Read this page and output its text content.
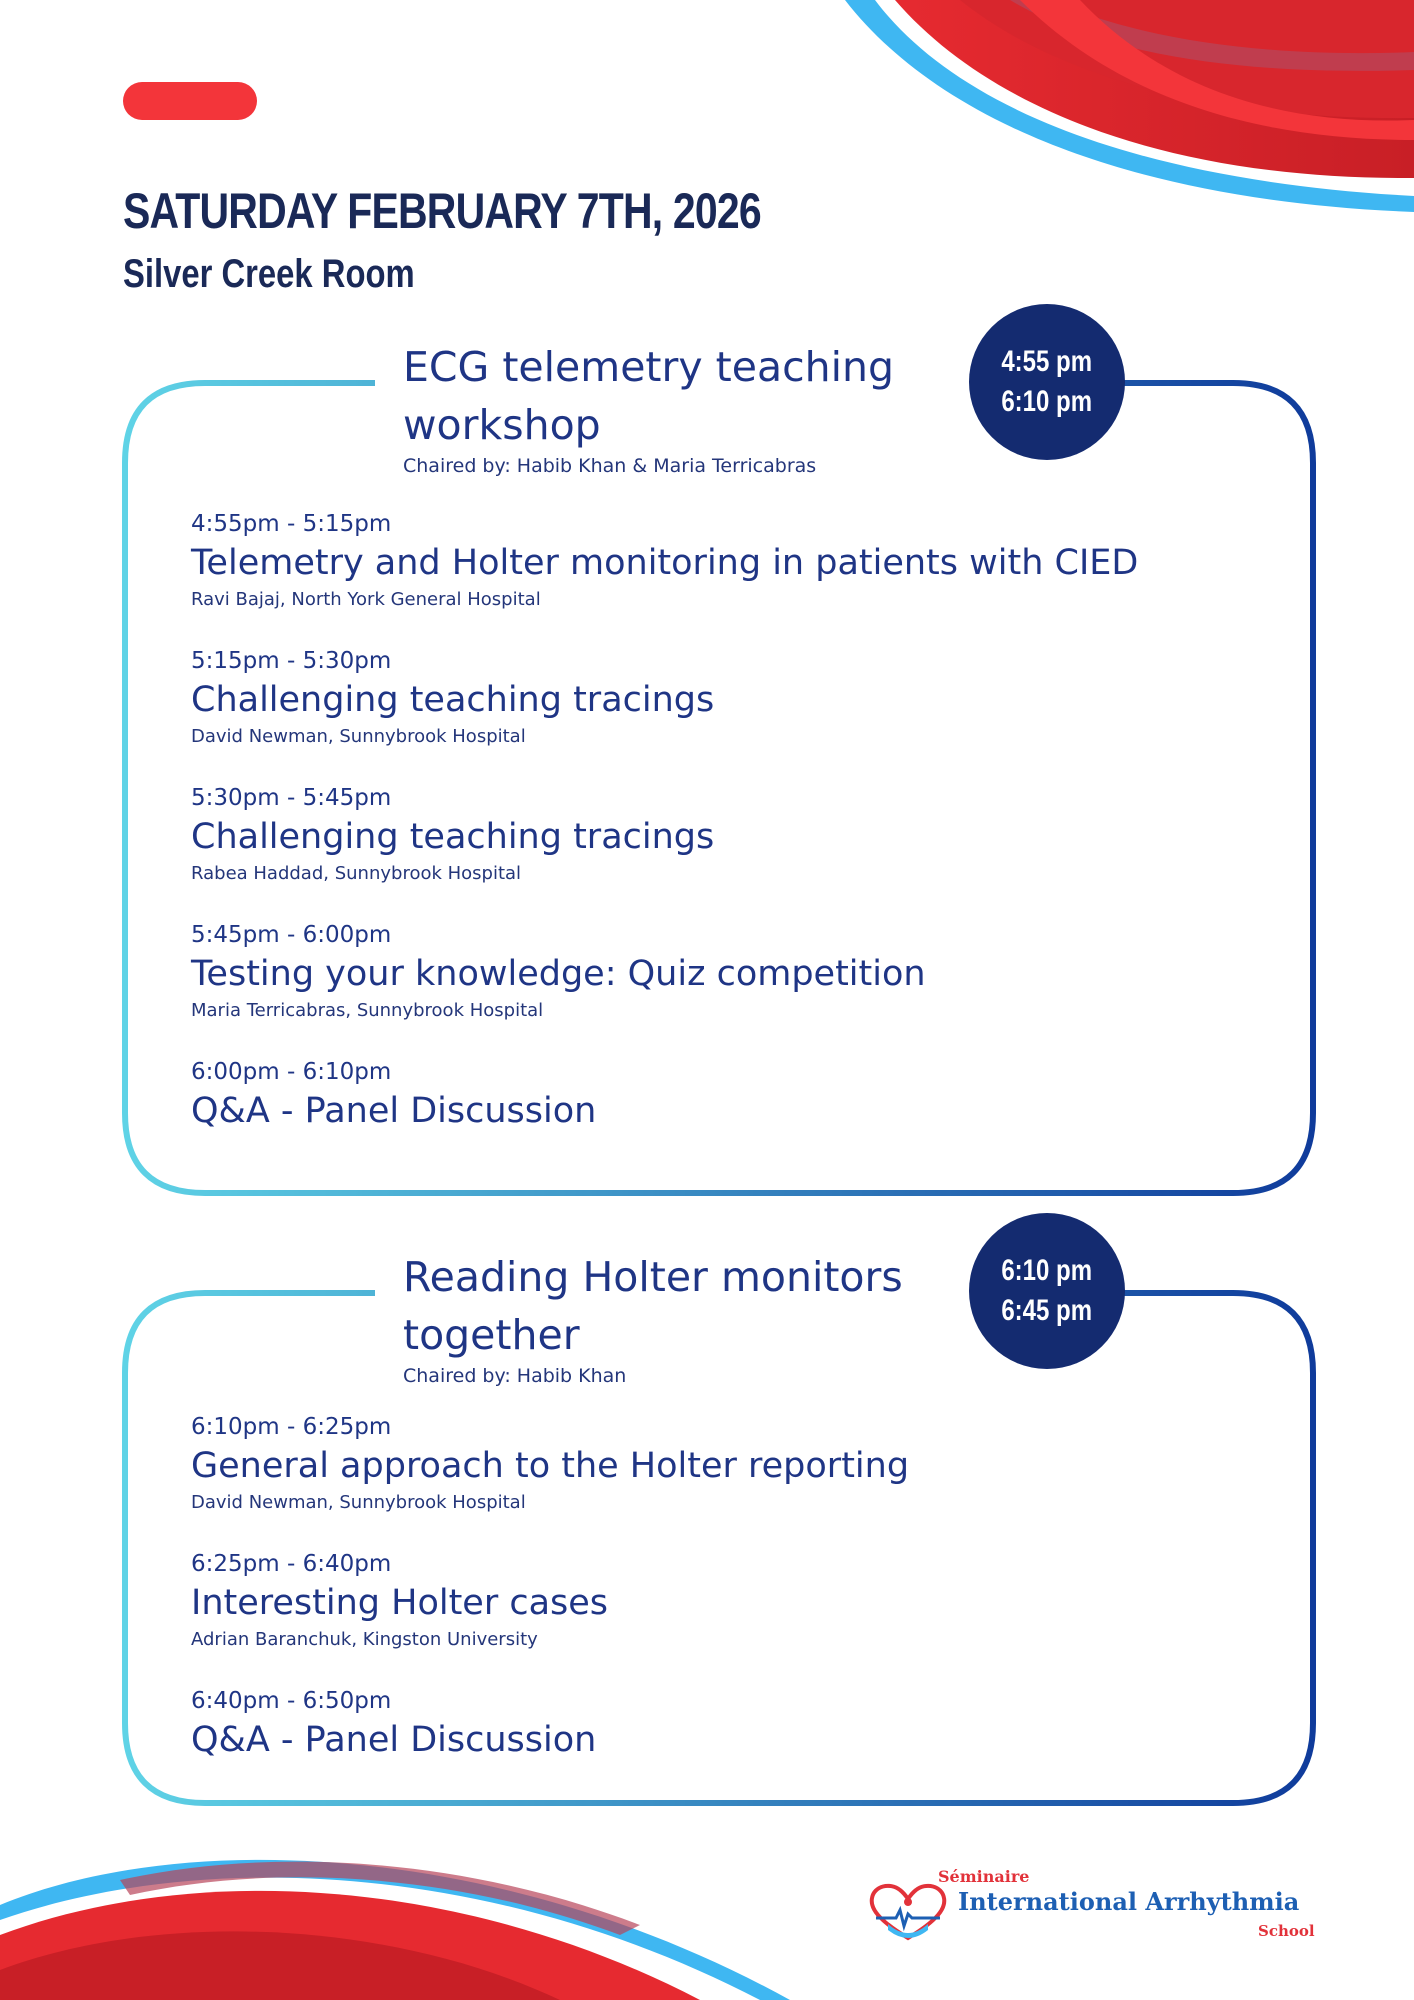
SATURDAY FEBRUARY 7TH, 2026
Silver Creek Room
ECG telemetry teaching workshop
Chaired by: Habib Khan & Maria Terricabras
4:55 pm
6:10 pm
4:55pm - 5:15pm
Telemetry and Holter monitoring in patients with CIED
Ravi Bajaj, North York General Hospital
5:15pm - 5:30pm
Challenging teaching tracings
David Newman, Sunnybrook Hospital
5:30pm - 5:45pm
Challenging teaching tracings
Rabea Haddad, Sunnybrook Hospital
5:45pm - 6:00pm
Testing your knowledge: Quiz competition
Maria Terricabras, Sunnybrook Hospital
6:00pm - 6:10pm
Q&A - Panel Discussion
Reading Holter monitors together
Chaired by: Habib Khan
6:10 pm
6:45 pm
6:10pm - 6:25pm
General approach to the Holter reporting
David Newman, Sunnybrook Hospital
6:25pm - 6:40pm
Interesting Holter cases
Adrian Baranchuk, Kingston University
6:40pm - 6:50pm
Q&A - Panel Discussion
Séminaire
International Arrhythmia
School
